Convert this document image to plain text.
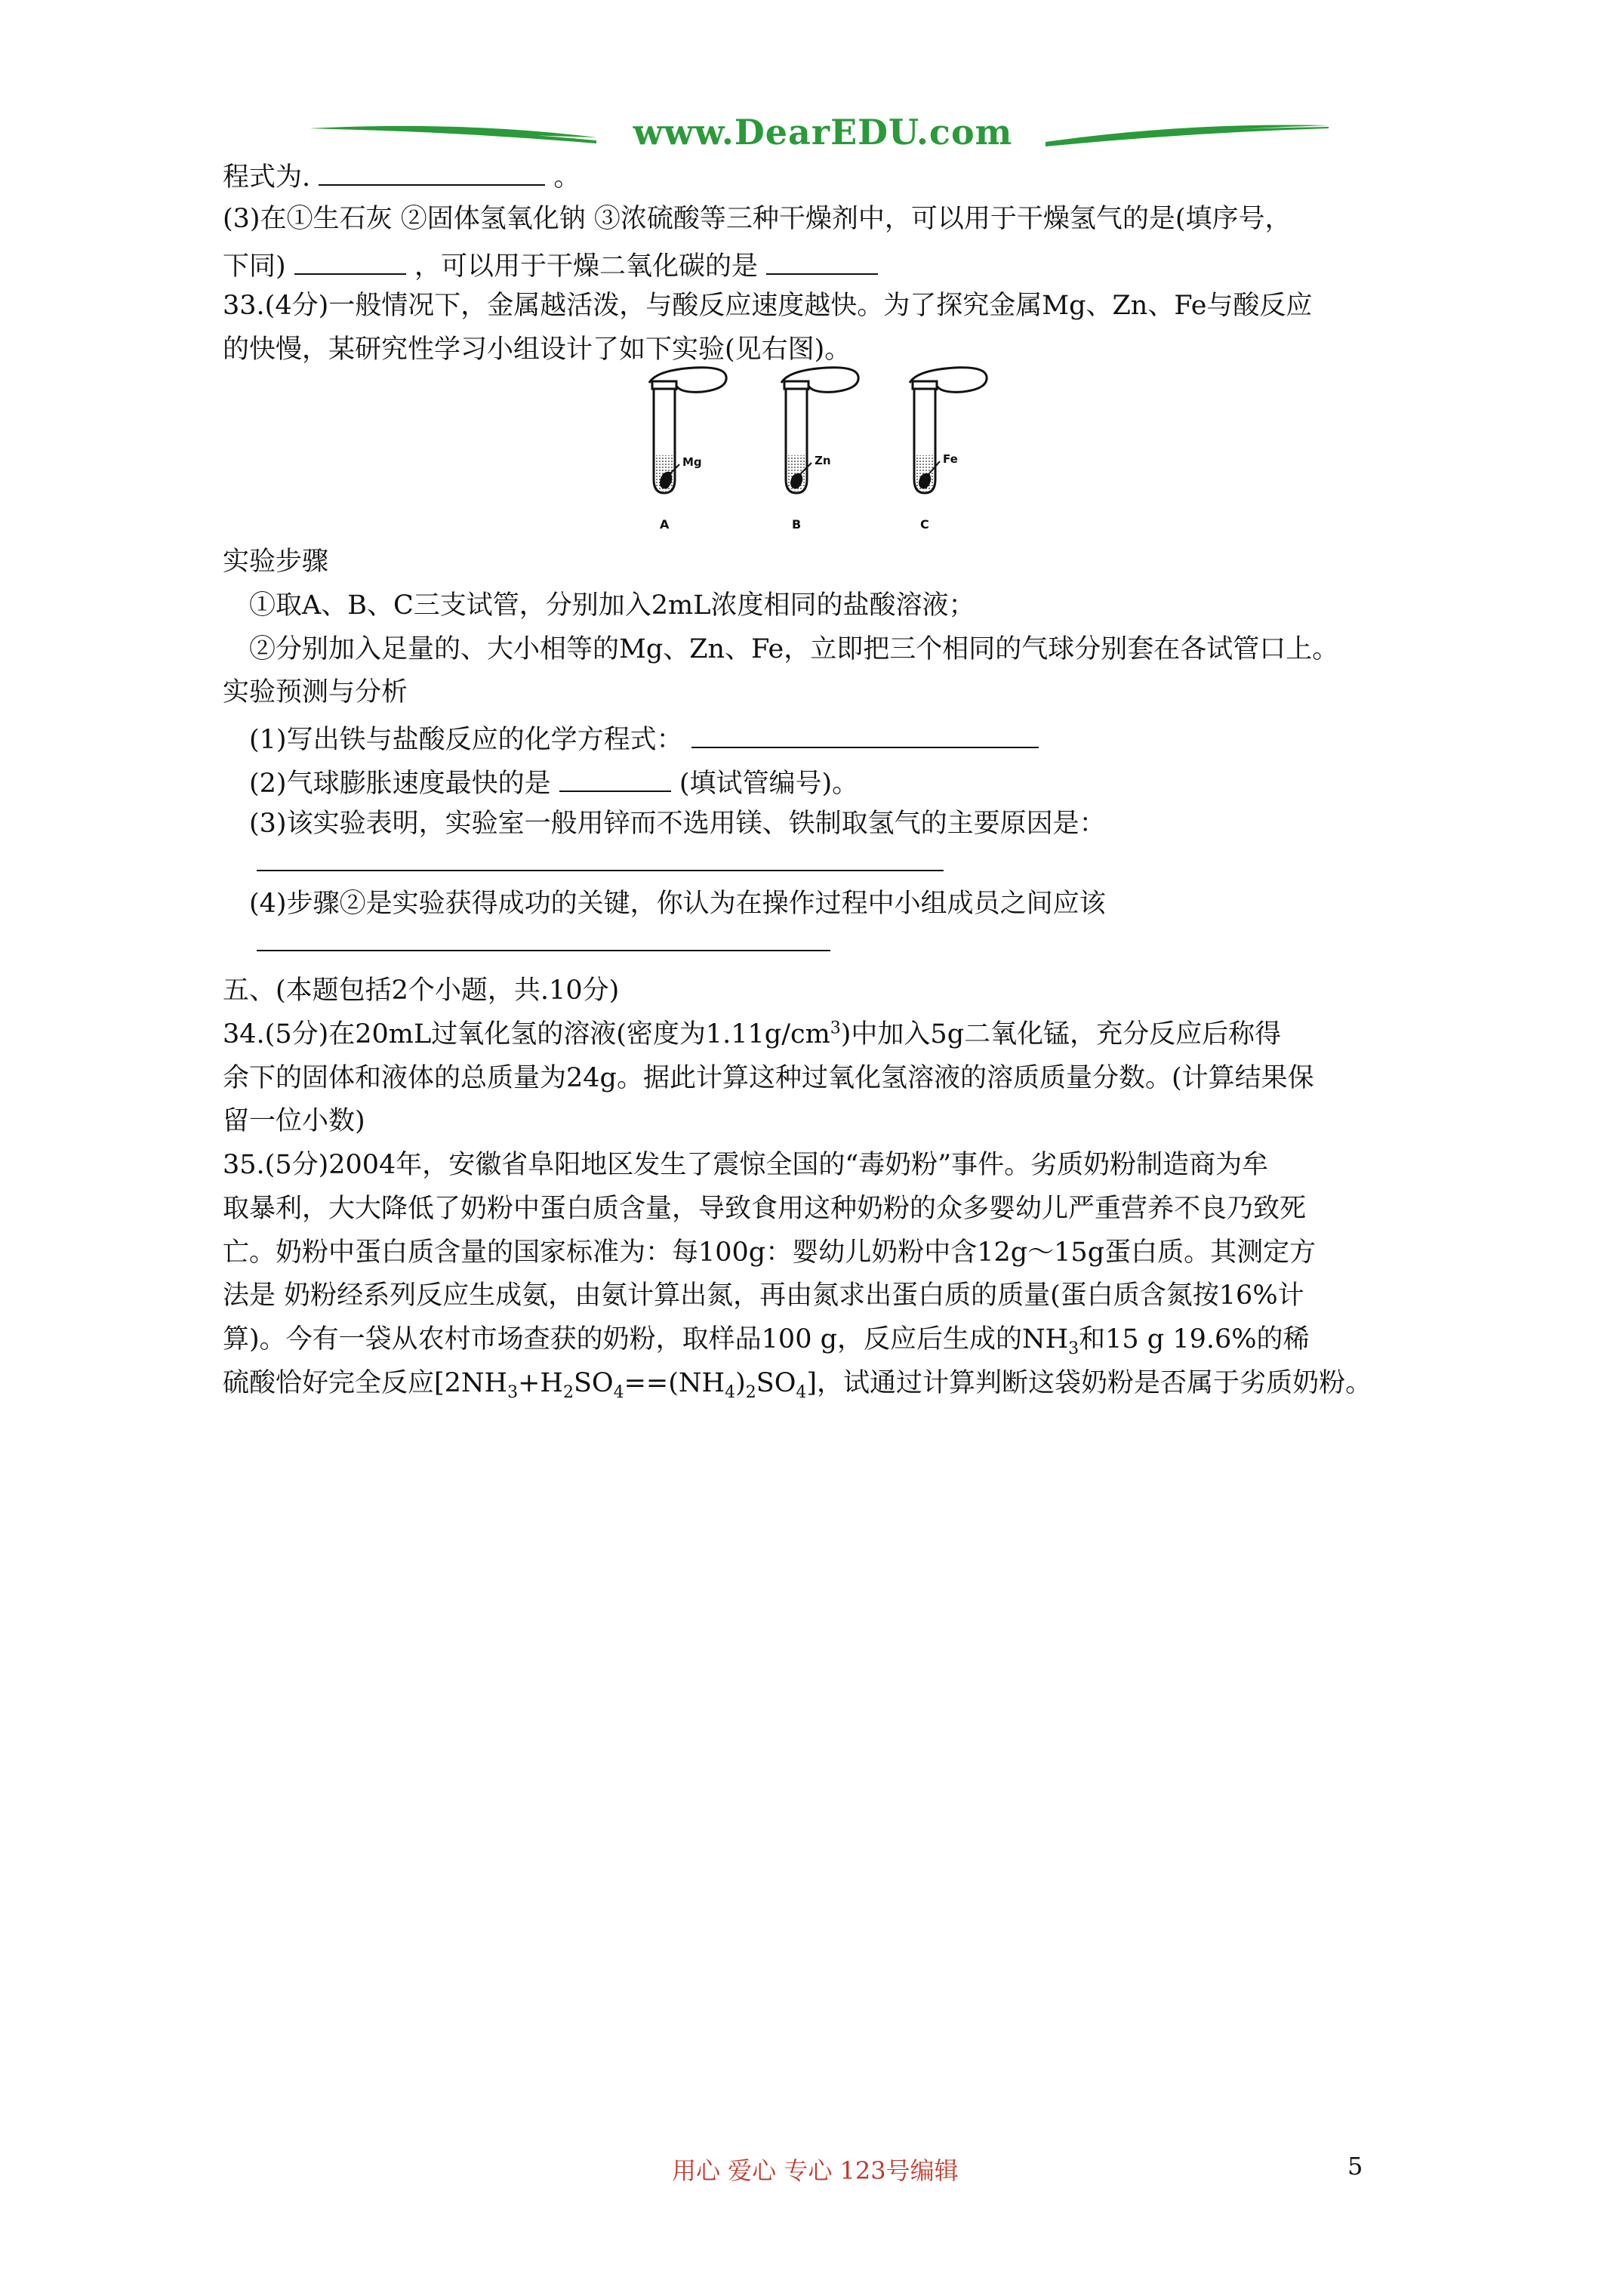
www.DearEDU.com
程式为.	。
(3)在①生石灰 ②固体氢氧化钠 ③浓硫酸等三种干燥剂中，可以用于干燥氢气的是(填序号，
下同)	，可以用于干燥二氧化碳的是
33.(4分)一般情况下，金属越活泼，与酸反应速度越快。为了探究金属Mg、Zn、Fe与酸反应
的快慢，某研究性学习小组设计了如下实验(见右图)。
Mg	Zn	Fe
A	B	C
实验步骤
①取A、B、C三支试管，分别加入2mL浓度相同的盐酸溶液；
②分别加入足量的、大小相等的Mg、Zn、Fe，立即把三个相同的气球分别套在各试管口上。
实验预测与分析
(1)写出铁与盐酸反应的化学方程式：
(2)气球膨胀速度最快的是	(填试管编号)。
(3)该实验表明，实验室一般用锌而不选用镁、铁制取氢气的主要原因是：
(4)步骤②是实验获得成功的关键，你认为在操作过程中小组成员之间应该
五、(本题包括2个小题，共.10分)
34.(5分)在20mL过氧化氢的溶液(密度为$1.11g/cm^3$)中加入5g二氧化锰，充分反应后称得
余下的固体和液体的总质量为24g。据此计算这种过氧化氢溶液的溶质质量分数。(计算结果保
留一位小数)
35.(5分)2004年，安徽省阜阳地区发生了震惊全国的“毒奶粉”事件。劣质奶粉制造商为牟
取暴利，大大降低了奶粉中蛋白质含量，导致食用这种奶粉的众多婴幼儿严重营养不良乃致死
亡。奶粉中蛋白质含量的国家标准为：每100g：婴幼儿奶粉中含12g～15g蛋白质。其测定方
法是 奶粉经系列反应生成氨，由氨计算出氮，再由氮求出蛋白质的质量(蛋白质含氮按16%计
算)。今有一袋从农村市场查获的奶粉，取样品100 g，反应后生成的$NH_3$和15 g 19.6%的稀
硫酸恰好完全反应$[2NH_3+H_2SO_4==(NH_4)_2SO_4]$，试通过计算判断这袋奶粉是否属于劣质奶粉。
用心 爱心 专心 123号编辑	5
